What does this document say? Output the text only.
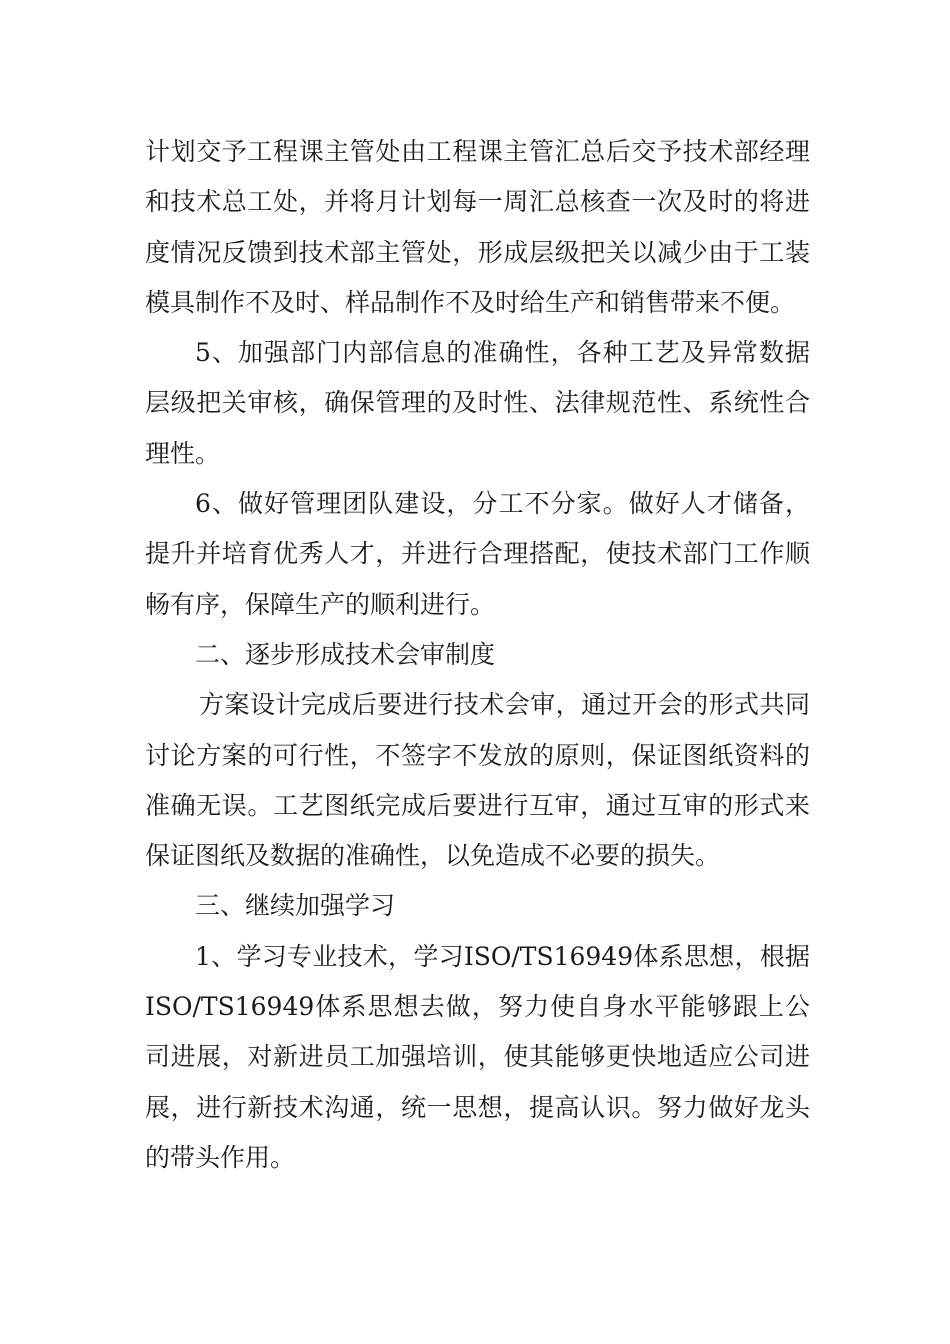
计划交予工程课主管处由工程课主管汇总后交予技术部经理和技术总工处，并将月计划每一周汇总核查一次及时的将进度情况反馈到技术部主管处，形成层级把关以减少由于工装模具制作不及时、样品制作不及时给生产和销售带来不便。

5、加强部门内部信息的准确性，各种工艺及异常数据层级把关审核，确保管理的及时性、法律规范性、系统性合理性。

6、做好管理团队建设，分工不分家。做好人才储备，提升并培育优秀人才，并进行合理搭配，使技术部门工作顺畅有序，保障生产的顺利进行。

二、逐步形成技术会审制度

方案设计完成后要进行技术会审，通过开会的形式共同讨论方案的可行性，不签字不发放的原则，保证图纸资料的准确无误。工艺图纸完成后要进行互审，通过互审的形式来保证图纸及数据的准确性，以免造成不必要的损失。

三、继续加强学习

1、学习专业技术，学习ISO/TS16949体系思想，根据ISO/TS16949体系思想去做，努力使自身水平能够跟上公司进展，对新进员工加强培训，使其能够更快地适应公司进展，进行新技术沟通，统一思想，提高认识。努力做好龙头的带头作用。
